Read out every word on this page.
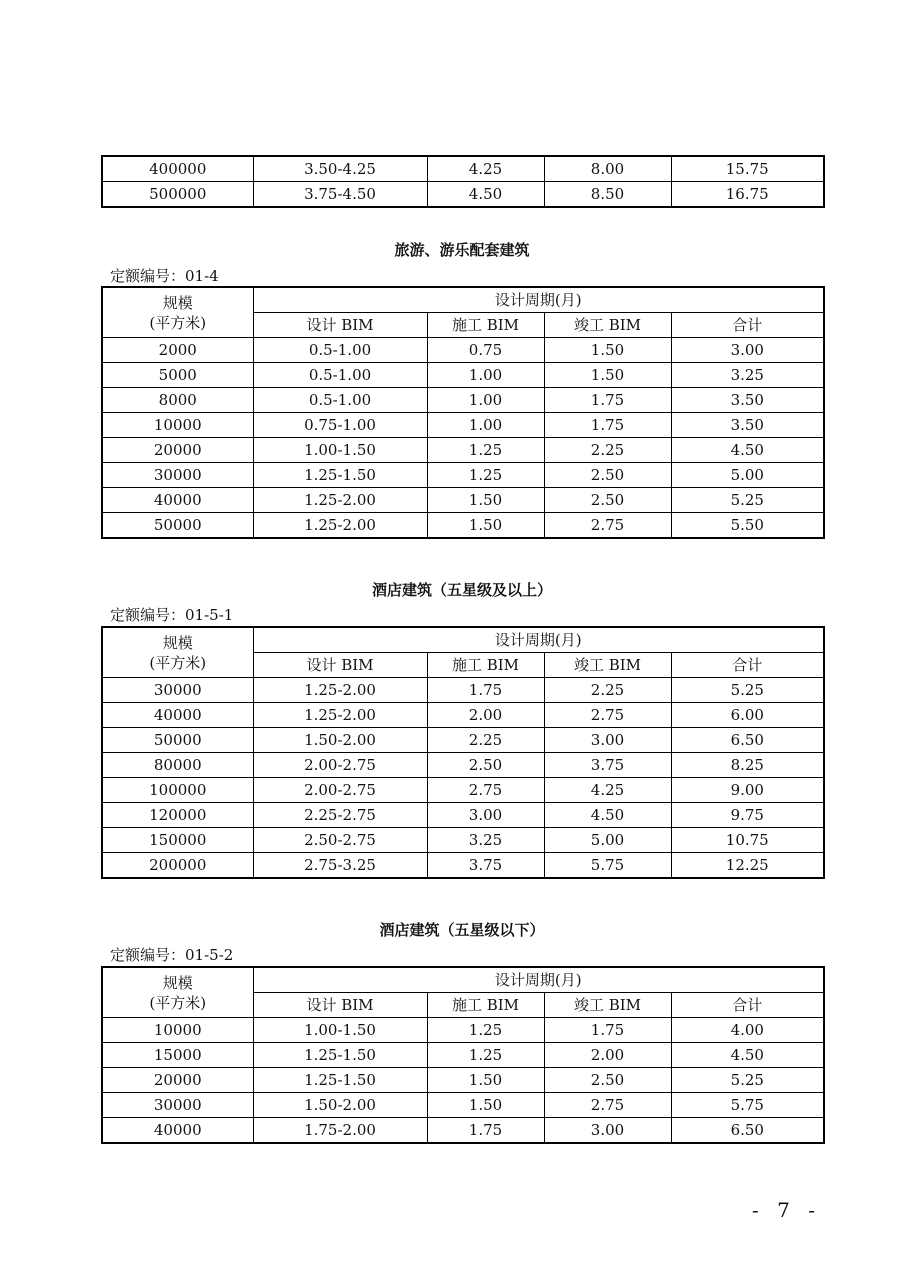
400000	3.50-4.25	4.25	8.00	15.75
500000	3.75-4.50	4.50	8.50	16.75
旅游、游乐配套建筑
定额编号：01-4
规模
(平方米)	设计周期(月)			
	设计 BIM	施工 BIM	竣工 BIM	合计
2000	0.5-1.00	0.75	1.50	3.00
5000	0.5-1.00	1.00	1.50	3.25
8000	0.5-1.00	1.00	1.75	3.50
10000	0.75-1.00	1.00	1.75	3.50
20000	1.00-1.50	1.25	2.25	4.50
30000	1.25-1.50	1.25	2.50	5.00
40000	1.25-2.00	1.50	2.50	5.25
50000	1.25-2.00	1.50	2.75	5.50
酒店建筑（五星级及以上）
定额编号：01-5-1
规模
(平方米)	设计周期(月)			
	设计 BIM	施工 BIM	竣工 BIM	合计
30000	1.25-2.00	1.75	2.25	5.25
40000	1.25-2.00	2.00	2.75	6.00
50000	1.50-2.00	2.25	3.00	6.50
80000	2.00-2.75	2.50	3.75	8.25
100000	2.00-2.75	2.75	4.25	9.00
120000	2.25-2.75	3.00	4.50	9.75
150000	2.50-2.75	3.25	5.00	10.75
200000	2.75-3.25	3.75	5.75	12.25
酒店建筑（五星级以下）
定额编号：01-5-2
规模
(平方米)	设计周期(月)			
	设计 BIM	施工 BIM	竣工 BIM	合计
10000	1.00-1.50	1.25	1.75	4.00
15000	1.25-1.50	1.25	2.00	4.50
20000	1.25-1.50	1.50	2.50	5.25
30000	1.50-2.00	1.50	2.75	5.75
40000	1.75-2.00	1.75	3.00	6.50
- 7 -
